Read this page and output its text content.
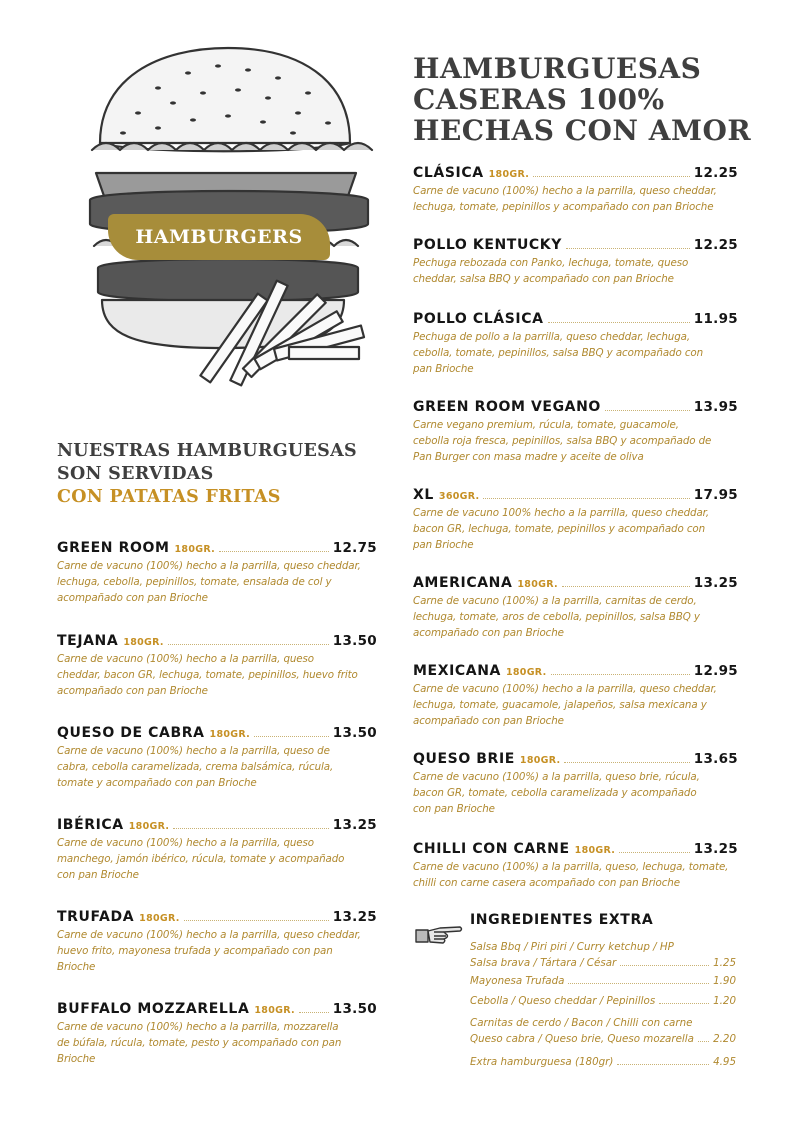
HAMBURGERS
NUESTRAS HAMBURGUESAS
SON SERVIDAS
CON PATATAS FRITAS
HAMBURGUESAS
CASERAS 100%
HECHAS CON AMOR
GREEN ROOM 180GR.	12.75
Carne de vacuno (100%) hecho a la parrilla, queso cheddar,
lechuga, cebolla, pepinillos, tomate, ensalada de col y
acompañado con pan Brioche
TEJANA 180GR.	13.50
Carne de vacuno (100%) hecho a la parrilla, queso
cheddar, bacon GR, lechuga, tomate, pepinillos, huevo frito
acompañado con pan Brioche
QUESO DE CABRA 180GR.	13.50
Carne de vacuno (100%) hecho a la parrilla, queso de
cabra, cebolla caramelizada, crema balsámica, rúcula,
tomate y acompañado con pan Brioche
IBÉRICA 180GR.	13.25
Carne de vacuno (100%) hecho a la parrilla, queso
manchego, jamón ibérico, rúcula, tomate y acompañado
con pan Brioche
TRUFADA 180GR.	13.25
Carne de vacuno (100%) hecho a la parrilla, queso cheddar,
huevo frito, mayonesa trufada y acompañado con pan
Brioche
BUFFALO MOZZARELLA 180GR.	13.50
Carne de vacuno (100%) hecho a la parrilla, mozzarella
de búfala, rúcula, tomate, pesto y acompañado con pan
Brioche
CLÁSICA 180GR.	12.25
Carne de vacuno (100%) hecho a la parrilla, queso cheddar,
lechuga, tomate, pepinillos y acompañado con pan Brioche
POLLO KENTUCKY	12.25
Pechuga rebozada con Panko, lechuga, tomate, queso
cheddar, salsa BBQ y acompañado con pan Brioche
POLLO CLÁSICA	11.95
Pechuga de pollo a la parrilla, queso cheddar, lechuga,
cebolla, tomate, pepinillos, salsa BBQ y acompañado con
pan Brioche
GREEN ROOM VEGANO	13.95
Carne vegano premium, rúcula, tomate, guacamole,
cebolla roja fresca, pepinillos, salsa BBQ y acompañado de
Pan Burger con masa madre y aceite de oliva
XL 360GR.	17.95
Carne de vacuno 100% hecho a la parrilla, queso cheddar,
bacon GR, lechuga, tomate, pepinillos y acompañado con
pan Brioche
AMERICANA 180GR.	13.25
Carne de vacuno (100%) a la parrilla, carnitas de cerdo,
lechuga, tomate, aros de cebolla, pepinillos, salsa BBQ y
acompañado con pan Brioche
MEXICANA 180GR.	12.95
Carne de vacuno (100%) hecho a la parrilla, queso cheddar,
lechuga, tomate, guacamole, jalapeños, salsa mexicana y
acompañado con pan Brioche
QUESO BRIE 180GR.	13.65
Carne de vacuno (100%) a la parrilla, queso brie, rúcula,
bacon GR, tomate, cebolla caramelizada y acompañado
con pan Brioche
CHILLI CON CARNE 180GR.	13.25
Carne de vacuno (100%) a la parrilla, queso, lechuga, tomate,
chilli con carne casera acompañado con pan Brioche
INGREDIENTES EXTRA
Salsa Bbq / Piri piri / Curry ketchup / HP
Salsa brava / Tártara / César	1.25
Mayonesa Trufada	1.90
Cebolla / Queso cheddar / Pepinillos	1.20
Carnitas de cerdo / Bacon / Chilli con carne
Queso cabra / Queso brie, Queso mozarella 2.20
Extra hamburguesa (180gr)	4.95
